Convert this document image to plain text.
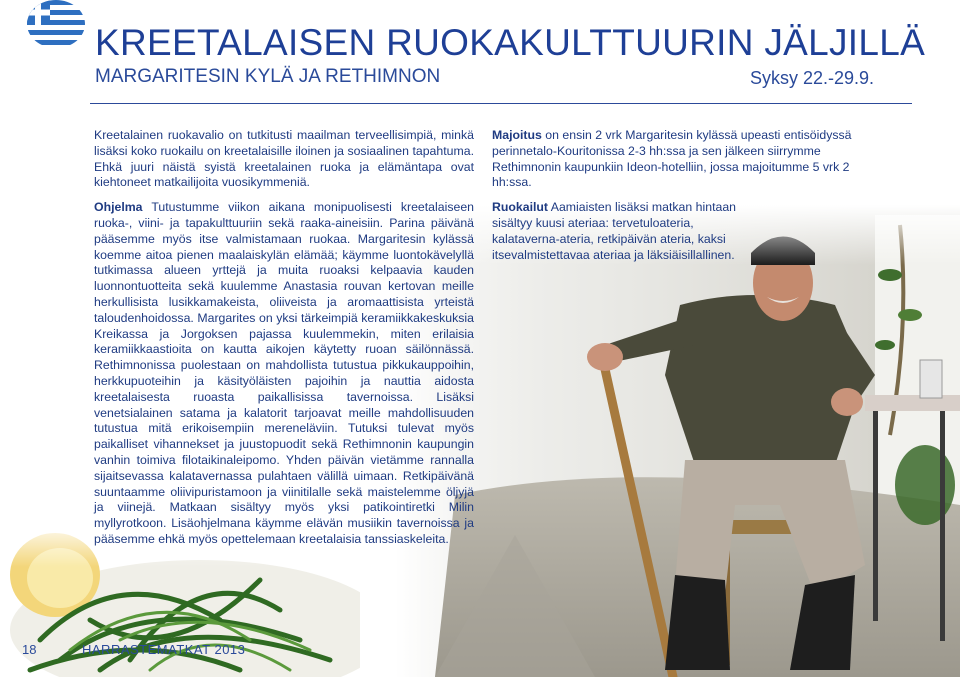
KREETALAISEN RUOKAKULTTUURIN JÄLJILLÄ
MARGARITESIN KYLÄ JA RETHIMNON	Syksy 22.-29.9.

Kreetalainen ruokavalio on tutkitusti maailman terveellisimpiä, minkä lisäksi koko ruokailu on kreetalaisille iloinen ja sosiaalinen tapahtuma. Ehkä juuri näistä syistä kreetalainen ruoka ja elämäntapa ovat kiehtoneet matkailijoita vuosikymmeniä.

Ohjelma Tutustumme viikon aikana monipuolisesti kreetalaiseen ruoka-, viini- ja tapakulttuuriin sekä raaka-aineisiin. Parina päivänä pääsemme myös itse valmistamaan ruokaa. Margaritesin kylässä koemme aitoa pienen maalaiskylän elämää; käymme luontokävelyllä tutkimassa alueen yrttejä ja muita ruoaksi kelpaavia kauden luonnontuotteita sekä kuulemme Anastasia rouvan kertovan meille herkullisista lusikkamakeista, oliiveista ja aromaattisista yrteistä taloudenhoidossa. Margarites on yksi tärkeimpiä keramiikkakeskuksia Kreikassa ja Jorgoksen pajassa kuulemmekin, miten erilaisia keramiikkaastioita on kautta aikojen käytetty ruoan säilönnässä. Rethimnonissa puolestaan on mahdollista tutustua pikkukauppoihin, herkkupuoteihin ja käsityöläisten pajoihin ja nauttia aidosta kreetalaisesta ruoasta paikallisissa tavernoissa. Lisäksi venetsialainen satama ja kalatorit tarjoavat meille mahdollisuuden tutustua mitä erikoisempiin mereneläviin. Tutuksi tulevat myös paikalliset vihannekset ja juustopuodit sekä Rethimnonin kaupungin vanhin toimiva filotaikinaleipomo. Yhden päivän vietämme rannalla sijaitsevassa kalatavernassa pulahtaen välillä uimaan. Retkipäivänä suuntaamme oliivipuristamoon ja viinitilalle sekä maistelemme öljyjä ja viinejä. Matkaan sisältyy myös yksi patikointiretki Milin myllyrotkoon. Lisäohjelmana käymme elävän musiikin tavernoissa ja pääsemme ehkä myös opettelemaan kreetalaisia tanssiaskeleita.

Majoitus on ensin 2 vrk Margaritesin kylässä upeasti entisöidyssä perinnetalo-Kouritonissa 2-3 hh:ssa ja sen jälkeen siirrymme Rethimnonin kaupunkiin Ideon-hotelliin, jossa majoitumme 5 vrk 2 hh:ssa.

Ruokailut Aamiaisten lisäksi matkan hintaan sisältyy kuusi ateriaa: tervetuloateria, kalataverna-ateria, retkipäivän ateria, kaksi itsevalmistettavaa ateriaa ja läksiäisillallinen.

18	HARRASTEMATKAT 2013
